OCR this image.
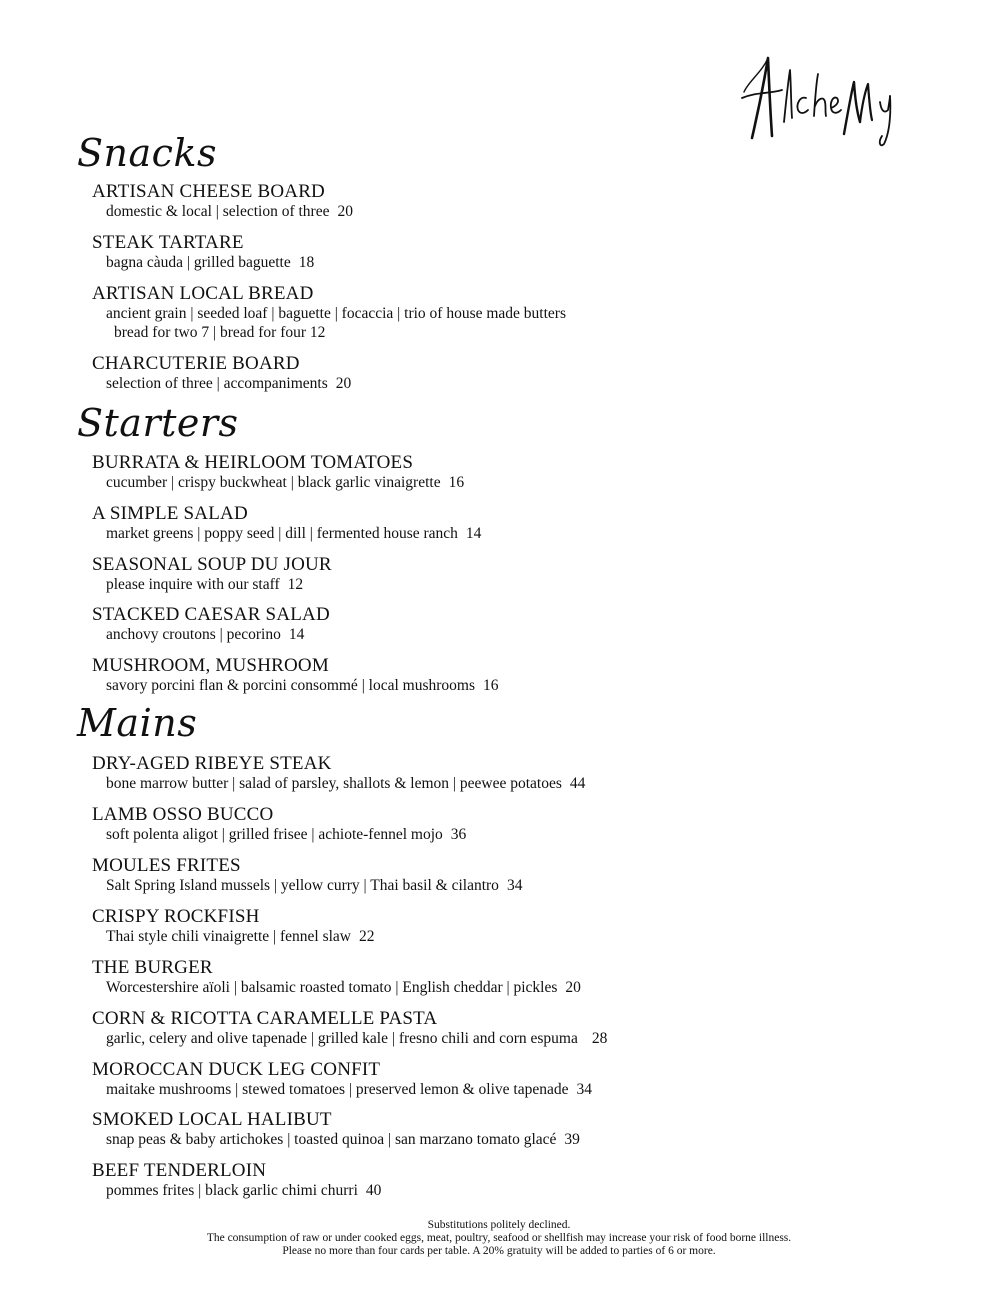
Snacks
ARTISAN CHEESE BOARD
domestic & local | selection of three 20
STEAK TARTARE
bagna càuda | grilled baguette 18
ARTISAN LOCAL BREAD
ancient grain | seeded loaf | baguette | focaccia | trio of house made butters
bread for two 7 | bread for four 12
CHARCUTERIE BOARD
selection of three | accompaniments 20
Starters
BURRATA & HEIRLOOM TOMATOES
cucumber | crispy buckwheat | black garlic vinaigrette 16
A SIMPLE SALAD
market greens | poppy seed | dill | fermented house ranch 14
SEASONAL SOUP DU JOUR
please inquire with our staff 12
STACKED CAESAR SALAD
anchovy croutons | pecorino 14
MUSHROOM, MUSHROOM
savory porcini flan & porcini consommé | local mushrooms 16
Mains
DRY-AGED RIBEYE STEAK
bone marrow butter | salad of parsley, shallots & lemon | peewee potatoes 44
LAMB OSSO BUCCO
soft polenta aligot | grilled frisee | achiote-fennel mojo 36
MOULES FRITES
Salt Spring Island mussels | yellow curry | Thai basil & cilantro 34
CRISPY ROCKFISH
Thai style chili vinaigrette | fennel slaw 22
THE BURGER
Worcestershire aïoli | balsamic roasted tomato | English cheddar | pickles 20
CORN & RICOTTA CARAMELLE PASTA
garlic, celery and olive tapenade | grilled kale | fresno chili and corn espuma 28
MOROCCAN DUCK LEG CONFIT
maitake mushrooms | stewed tomatoes | preserved lemon & olive tapenade 34
SMOKED LOCAL HALIBUT
snap peas & baby artichokes | toasted quinoa | san marzano tomato glacé 39
BEEF TENDERLOIN
pommes frites | black garlic chimi churri 40
Substitutions politely declined.
The consumption of raw or under cooked eggs, meat, poultry, seafood or shellfish may increase your risk of food borne illness.
Please no more than four cards per table. A 20% gratuity will be added to parties of 6 or more.
